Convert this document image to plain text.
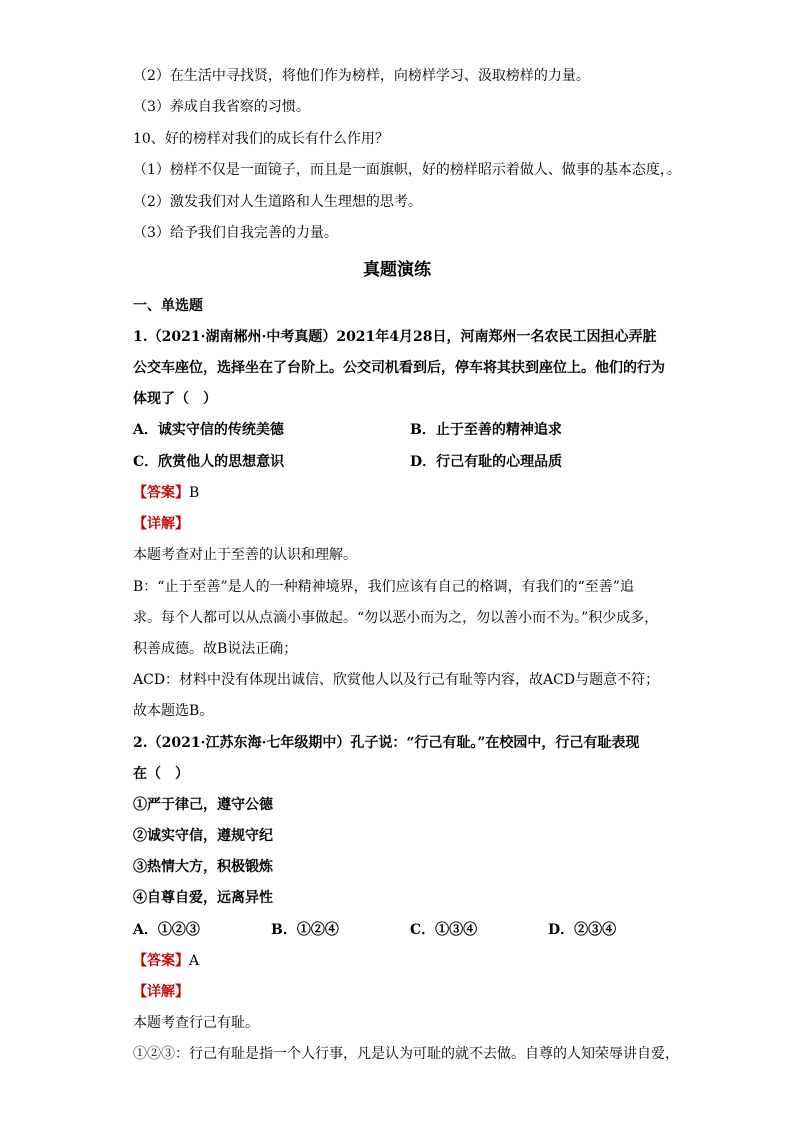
（2）在生活中寻找贤，将他们作为榜样，向榜样学习、汲取榜样的力量。
（3）养成自我省察的习惯。
10、好的榜样对我们的成长有什么作用？
（1）榜样不仅是一面镜子，而且是一面旗帜，好的榜样昭示着做人、做事的基本态度，。
（2）激发我们对人生道路和人生理想的思考。
（3）给予我们自我完善的力量。
真题演练
一、单选题
1.（2021·湖南郴州·中考真题）2021年4月28日，河南郑州一名农民工因担心弄脏
公交车座位，选择坐在了台阶上。公交司机看到后，停车将其扶到座位上。他们的行为
体现了（　）
A．诚实守信的传统美德	B．止于至善的精神追求
C．欣赏他人的思想意识	D．行己有耻的心理品质
【答案】B
【详解】
本题考查对止于至善的认识和理解。
B：“止于至善”是人的一种精神境界，我们应该有自己的格调，有我们的“至善”追
求。每个人都可以从点滴小事做起。“勿以恶小而为之，勿以善小而不为。”积少成多，
积善成德。故B说法正确；
ACD：材料中没有体现出诚信、欣赏他人以及行己有耻等内容，故ACD与题意不符；
故本题选B。
2.（2021·江苏东海·七年级期中）孔子说：“行己有耻。”在校园中，行己有耻表现
在（　）
①严于律己，遵守公德
②诚实守信，遵规守纪
③热情大方，积极锻炼
④自尊自爱，远离异性
A．①②③	B．①②④	C．①③④	D．②③④
【答案】A
【详解】
本题考查行己有耻。
①②③：行己有耻是指一个人行事，凡是认为可耻的就不去做。自尊的人知荣辱讲自爱，
